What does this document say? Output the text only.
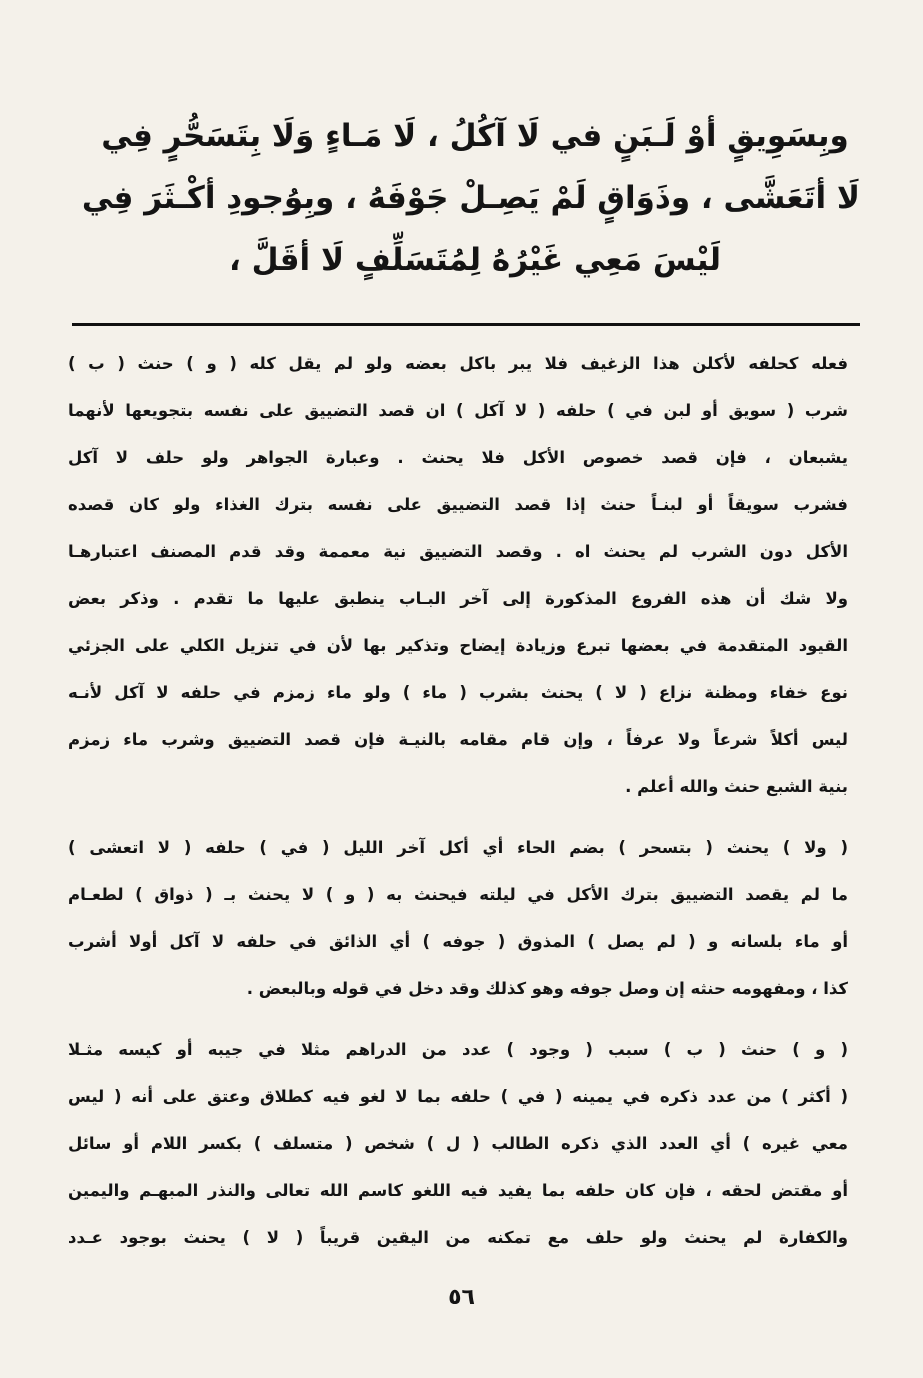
وبِسَوِيقٍ أوْ لَـبَنٍ في لَا آكُلُ ، لَا مَـاءٍ وَلَا بِتَسَحُّرٍ فِي
لَا أتَعَشَّى ، وذَوَاقٍ لَمْ يَصِـلْ جَوْفَهُ ، وبِوُجودِ أكْـثَرَ فِي
لَيْسَ مَعِي غَيْرُهُ لِمُتَسَلِّفٍ لَا أقَلَّ ،
فعله كحلفه لأكلن هذا الزغيف فلا يبر باكل بعضه ولو لم يقل كله ( و ) حنث ( ب )
شرب ( سويق أو لبن في ) حلفه ( لا آكل ) ان قصد التضييق على نفسه بتجويعها لأنهما
يشبعان ، فإن قصد خصوص الأكل فلا يحنث . وعبارة الجواهر ولو حلف لا آكل
فشرب سويقاً أو لبنـاً حنث إذا قصد التضييق على نفسه بترك الغذاء ولو كان قصده
الأكل دون الشرب لم يحنث اه . وقصد التضييق نية معممة وقد قدم المصنف اعتبارهـا
ولا شك أن هذه الفروع المذكورة إلى آخر البـاب ينطبق عليها ما تقدم . وذكر بعض
القيود المتقدمة في بعضها تبرع وزيادة إيضاح وتذكير بها لأن في تنزيل الكلي على الجزئي
نوع خفاء ومظنة نزاع ( لا ) يحنث بشرب ( ماء ) ولو ماء زمزم في حلفه لا آكل لأنـه
ليس أكلاً شرعاً ولا عرفاً ، وإن قام مقامه بالنيـة فإن قصد التضييق وشرب ماء زمزم
بنية الشبع حنث والله أعلم .
( ولا ) يحنث ( بتسحر ) بضم الحاء أي أكل آخر الليل ( في ) حلفه ( لا اتعشى )
ما لم يقصد التضييق بترك الأكل في ليلته فيحنث به ( و ) لا يحنث بـ ( ذواق ) لطعـام
أو ماء بلسانه و ( لم يصل ) المذوق ( جوفه ) أي الذائق في حلفه لا آكل أولا أشرب
كذا ، ومفهومه حنثه إن وصل جوفه وهو كذلك وقد دخل في قوله وبالبعض .
( و ) حنث ( ب ) سبب ( وجود ) عدد من الدراهم مثلا في جيبه أو كيسه مثـلا
( أكثر ) من عدد ذكره في يمينه ( في ) حلفه بما لا لغو فيه كطلاق وعتق على أنه ( ليس
معي غيره ) أي العدد الذي ذكره الطالب ( ل ) شخص ( متسلف ) بكسر اللام أو سائل
أو مقتض لحقه ، فإن كان حلفه بما يفيد فيه اللغو كاسم الله تعالى والنذر المبهـم واليمين
والكفارة لم يحنث ولو حلف مع تمكنه من اليقين قريباً ( لا ) يحنث بوجود عـدد
٥٦
